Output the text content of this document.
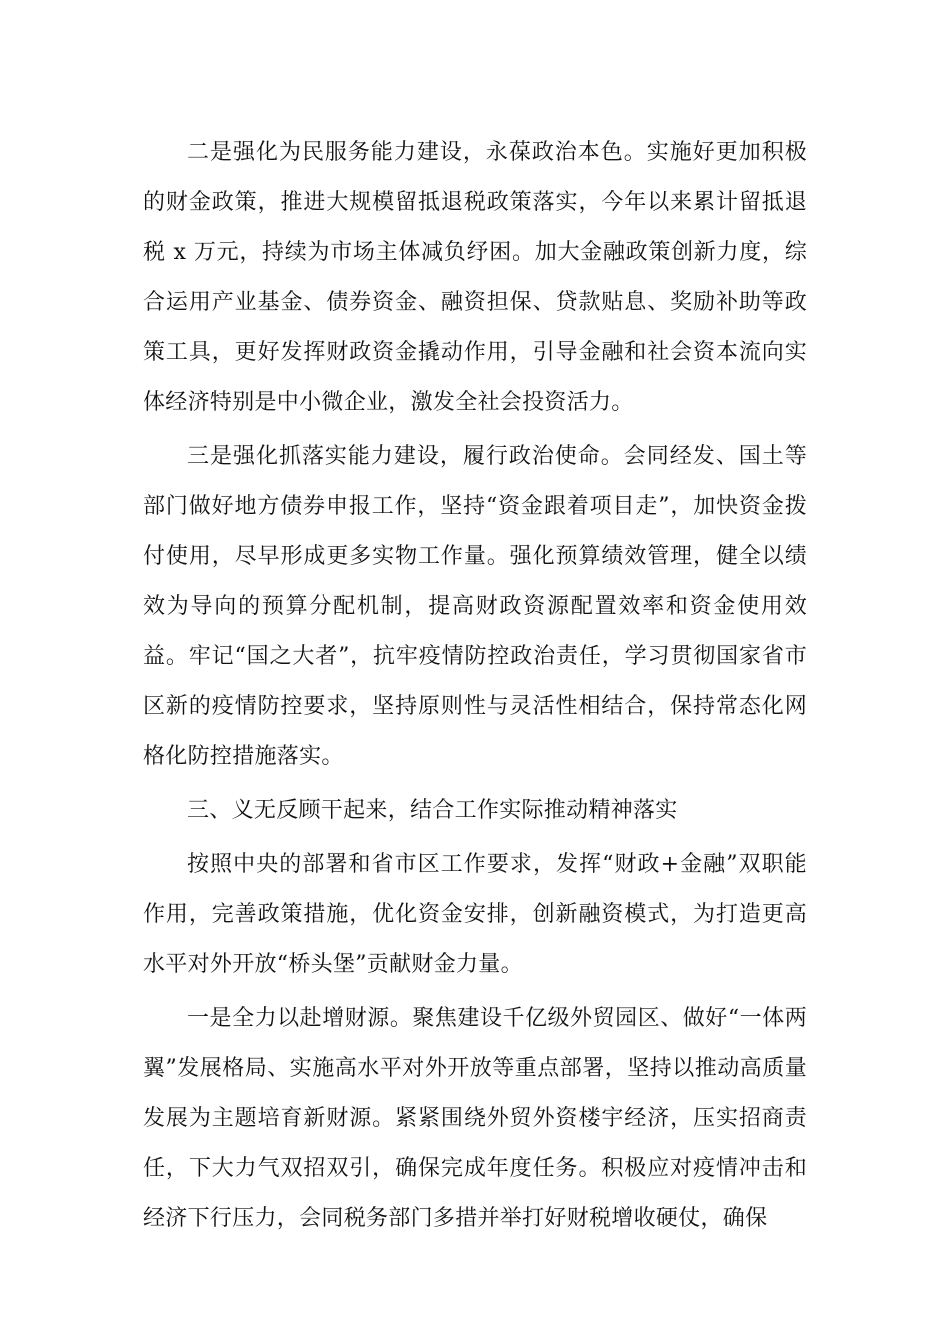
二是强化为民服务能力建设，永葆政治本色。实施好更加积极的财金政策，推进大规模留抵退税政策落实，今年以来累计留抵退税 x 万元，持续为市场主体减负纾困。加大金融政策创新力度，综合运用产业基金、债券资金、融资担保、贷款贴息、奖励补助等政策工具，更好发挥财政资金撬动作用，引导金融和社会资本流向实体经济特别是中小微企业，激发全社会投资活力。

三是强化抓落实能力建设，履行政治使命。会同经发、国土等部门做好地方债券申报工作，坚持“资金跟着项目走”，加快资金拨付使用，尽早形成更多实物工作量。强化预算绩效管理，健全以绩效为导向的预算分配机制，提高财政资源配置效率和资金使用效益。牢记“国之大者”，抗牢疫情防控政治责任，学习贯彻国家省市区新的疫情防控要求，坚持原则性与灵活性相结合，保持常态化网格化防控措施落实。

三、义无反顾干起来，结合工作实际推动精神落实

按照中央的部署和省市区工作要求，发挥“财政+金融”双职能作用，完善政策措施，优化资金安排，创新融资模式，为打造更高水平对外开放“桥头堡”贡献财金力量。

一是全力以赴增财源。聚焦建设千亿级外贸园区、做好“一体两翼”发展格局、实施高水平对外开放等重点部署，坚持以推动高质量发展为主题培育新财源。紧紧围绕外贸外资楼宇经济，压实招商责任，下大力气双招双引，确保完成年度任务。积极应对疫情冲击和经济下行压力，会同税务部门多措并举打好财税增收硬仗，确保
